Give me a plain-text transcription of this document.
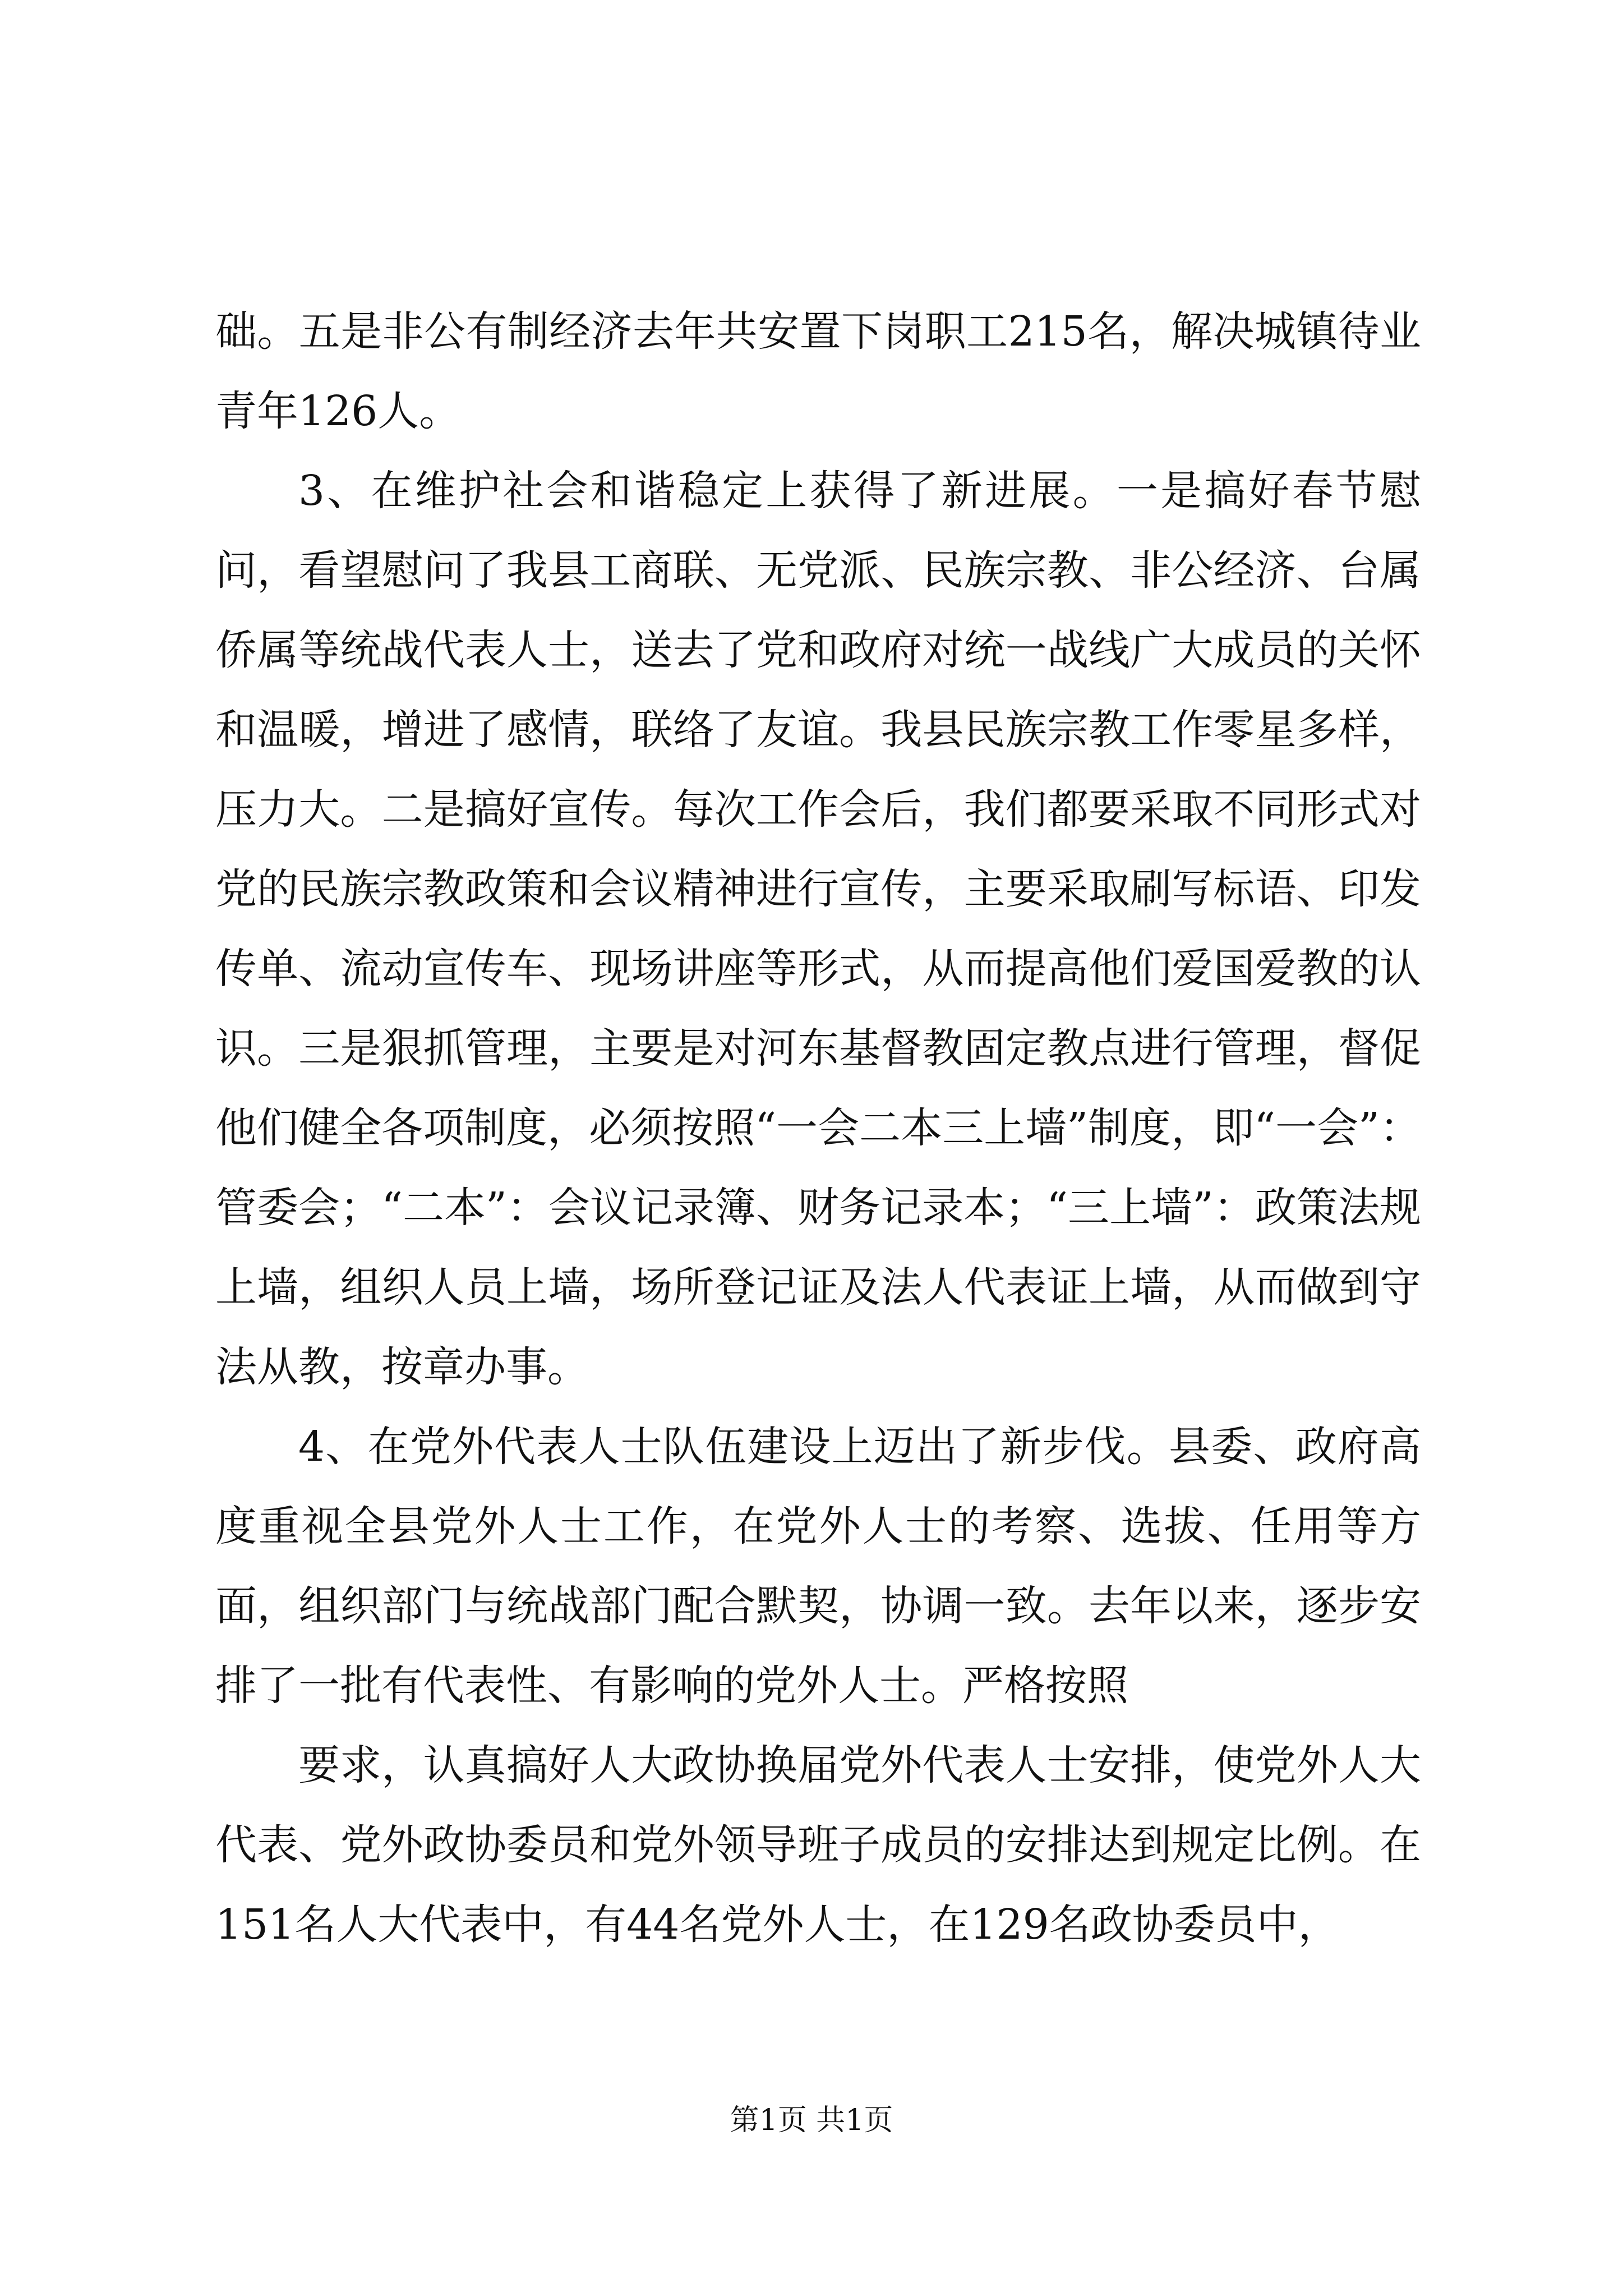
础。五是非公有制经济去年共安置下岗职工215名，解决城镇待业青年126人。

3、在维护社会和谐稳定上获得了新进展。一是搞好春节慰问，看望慰问了我县工商联、无党派、民族宗教、非公经济、台属侨属等统战代表人士，送去了党和政府对统一战线广大成员的关怀和温暖，增进了感情，联络了友谊。我县民族宗教工作零星多样，压力大。二是搞好宣传。每次工作会后，我们都要采取不同形式对党的民族宗教政策和会议精神进行宣传，主要采取刷写标语、印发传单、流动宣传车、现场讲座等形式，从而提高他们爱国爱教的认识。三是狠抓管理，主要是对河东基督教固定教点进行管理，督促他们健全各项制度，必须按照“一会二本三上墙”制度，即“一会”：管委会；“二本”：会议记录簿、财务记录本；“三上墙”：政策法规上墙，组织人员上墙，场所登记证及法人代表证上墙，从而做到守法从教，按章办事。

4、在党外代表人士队伍建设上迈出了新步伐。县委、政府高度重视全县党外人士工作，在党外人士的考察、选拔、任用等方面，组织部门与统战部门配合默契，协调一致。去年以来，逐步安排了一批有代表性、有影响的党外人士。严格按照

要求，认真搞好人大政协换届党外代表人士安排，使党外人大代表、党外政协委员和党外领导班子成员的安排达到规定比例。在151名人大代表中，有44名党外人士，在129名政协委员中，

第1页 共1页
